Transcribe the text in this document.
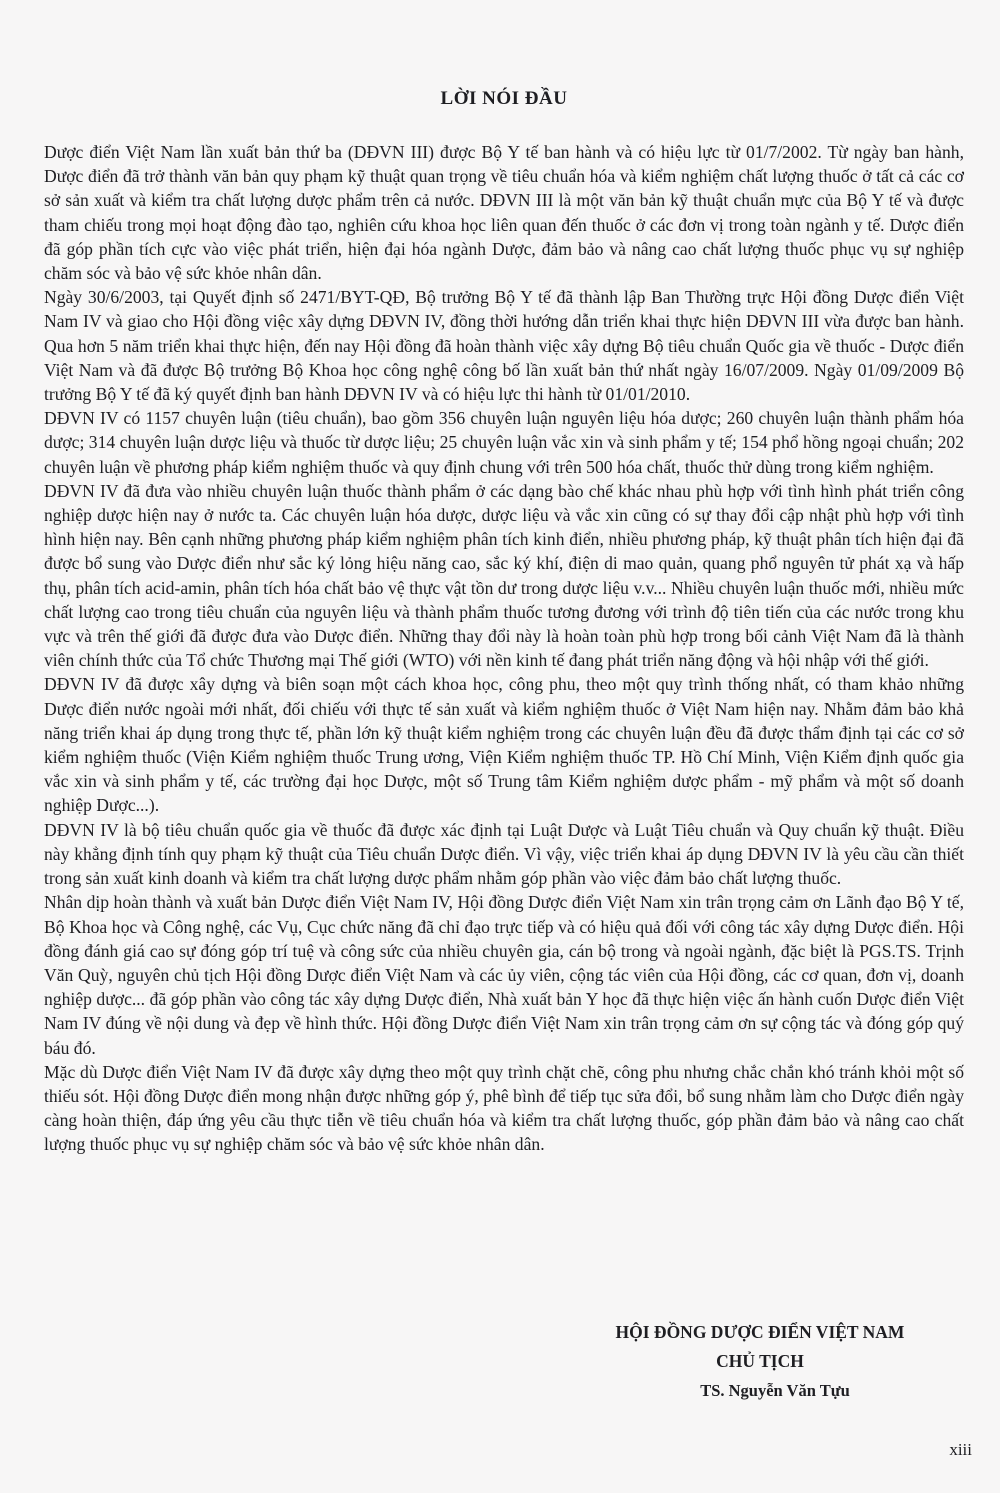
LỜI NÓI ĐẦU

Dược điển Việt Nam lần xuất bản thứ ba (DĐVN III) được Bộ Y tế ban hành và có hiệu lực từ 01/7/2002. Từ ngày ban hành, Dược điển đã trở thành văn bản quy phạm kỹ thuật quan trọng về tiêu chuẩn hóa và kiểm nghiệm chất lượng thuốc ở tất cả các cơ sở sản xuất và kiểm tra chất lượng dược phẩm trên cả nước. DĐVN III là một văn bản kỹ thuật chuẩn mực của Bộ Y tế và được tham chiếu trong mọi hoạt động đào tạo, nghiên cứu khoa học liên quan đến thuốc ở các đơn vị trong toàn ngành y tế. Dược điển đã góp phần tích cực vào việc phát triển, hiện đại hóa ngành Dược, đảm bảo và nâng cao chất lượng thuốc phục vụ sự nghiệp chăm sóc và bảo vệ sức khỏe nhân dân.

Ngày 30/6/2003, tại Quyết định số 2471/BYT-QĐ, Bộ trưởng Bộ Y tế đã thành lập Ban Thường trực Hội đồng Dược điển Việt Nam IV và giao cho Hội đồng việc xây dựng DĐVN IV, đồng thời hướng dẫn triển khai thực hiện DĐVN III vừa được ban hành. Qua hơn 5 năm triển khai thực hiện, đến nay Hội đồng đã hoàn thành việc xây dựng Bộ tiêu chuẩn Quốc gia về thuốc - Dược điển Việt Nam và đã được Bộ trưởng Bộ Khoa học công nghệ công bố lần xuất bản thứ nhất ngày 16/07/2009. Ngày 01/09/2009 Bộ trưởng Bộ Y tế đã ký quyết định ban hành DĐVN IV và có hiệu lực thi hành từ 01/01/2010.

DĐVN IV có 1157 chuyên luận (tiêu chuẩn), bao gồm 356 chuyên luận nguyên liệu hóa dược; 260 chuyên luận thành phẩm hóa dược; 314 chuyên luận dược liệu và thuốc từ dược liệu; 25 chuyên luận vắc xin và sinh phẩm y tế; 154 phổ hồng ngoại chuẩn; 202 chuyên luận về phương pháp kiểm nghiệm thuốc và quy định chung với trên 500 hóa chất, thuốc thử dùng trong kiểm nghiệm.

DĐVN IV đã đưa vào nhiều chuyên luận thuốc thành phẩm ở các dạng bào chế khác nhau phù hợp với tình hình phát triển công nghiệp dược hiện nay ở nước ta. Các chuyên luận hóa dược, dược liệu và vắc xin cũng có sự thay đổi cập nhật phù hợp với tình hình hiện nay. Bên cạnh những phương pháp kiểm nghiệm phân tích kinh điển, nhiều phương pháp, kỹ thuật phân tích hiện đại đã được bổ sung vào Dược điển như sắc ký lỏng hiệu năng cao, sắc ký khí, điện di mao quản, quang phổ nguyên tử phát xạ và hấp thụ, phân tích acid-amin, phân tích hóa chất bảo vệ thực vật tồn dư trong dược liệu v.v... Nhiều chuyên luận thuốc mới, nhiều mức chất lượng cao trong tiêu chuẩn của nguyên liệu và thành phẩm thuốc tương đương với trình độ tiên tiến của các nước trong khu vực và trên thế giới đã được đưa vào Dược điển. Những thay đổi này là hoàn toàn phù hợp trong bối cảnh Việt Nam đã là thành viên chính thức của Tổ chức Thương mại Thế giới (WTO) với nền kinh tế đang phát triển năng động và hội nhập với thế giới.

DĐVN IV đã được xây dựng và biên soạn một cách khoa học, công phu, theo một quy trình thống nhất, có tham khảo những Dược điển nước ngoài mới nhất, đối chiếu với thực tế sản xuất và kiểm nghiệm thuốc ở Việt Nam hiện nay. Nhằm đảm bảo khả năng triển khai áp dụng trong thực tế, phần lớn kỹ thuật kiểm nghiệm trong các chuyên luận đều đã được thẩm định tại các cơ sở kiểm nghiệm thuốc (Viện Kiểm nghiệm thuốc Trung ương, Viện Kiểm nghiệm thuốc TP. Hồ Chí Minh, Viện Kiểm định quốc gia vắc xin và sinh phẩm y tế, các trường đại học Dược, một số Trung tâm Kiểm nghiệm dược phẩm - mỹ phẩm và một số doanh nghiệp Dược...).

DĐVN IV là bộ tiêu chuẩn quốc gia về thuốc đã được xác định tại Luật Dược và Luật Tiêu chuẩn và Quy chuẩn kỹ thuật. Điều này khẳng định tính quy phạm kỹ thuật của Tiêu chuẩn Dược điển. Vì vậy, việc triển khai áp dụng DĐVN IV là yêu cầu cần thiết trong sản xuất kinh doanh và kiểm tra chất lượng dược phẩm nhằm góp phần vào việc đảm bảo chất lượng thuốc.

Nhân dịp hoàn thành và xuất bản Dược điển Việt Nam IV, Hội đồng Dược điển Việt Nam xin trân trọng cảm ơn Lãnh đạo Bộ Y tế, Bộ Khoa học và Công nghệ, các Vụ, Cục chức năng đã chỉ đạo trực tiếp và có hiệu quả đối với công tác xây dựng Dược điển. Hội đồng đánh giá cao sự đóng góp trí tuệ và công sức của nhiều chuyên gia, cán bộ trong và ngoài ngành, đặc biệt là PGS.TS. Trịnh Văn Quỳ, nguyên chủ tịch Hội đồng Dược điển Việt Nam và các ủy viên, cộng tác viên của Hội đồng, các cơ quan, đơn vị, doanh nghiệp dược... đã góp phần vào công tác xây dựng Dược điển, Nhà xuất bản Y học đã thực hiện việc ấn hành cuốn Dược điển Việt Nam IV đúng về nội dung và đẹp về hình thức. Hội đồng Dược điển Việt Nam xin trân trọng cảm ơn sự cộng tác và đóng góp quý báu đó.

Mặc dù Dược điển Việt Nam IV đã được xây dựng theo một quy trình chặt chẽ, công phu nhưng chắc chắn khó tránh khỏi một số thiếu sót. Hội đồng Dược điển mong nhận được những góp ý, phê bình để tiếp tục sửa đổi, bổ sung nhằm làm cho Dược điển ngày càng hoàn thiện, đáp ứng yêu cầu thực tiễn về tiêu chuẩn hóa và kiểm tra chất lượng thuốc, góp phần đảm bảo và nâng cao chất lượng thuốc phục vụ sự nghiệp chăm sóc và bảo vệ sức khỏe nhân dân.

HỘI ĐỒNG DƯỢC ĐIỂN VIỆT NAM
CHỦ TỊCH
TS. Nguyễn Văn Tựu
xiii
